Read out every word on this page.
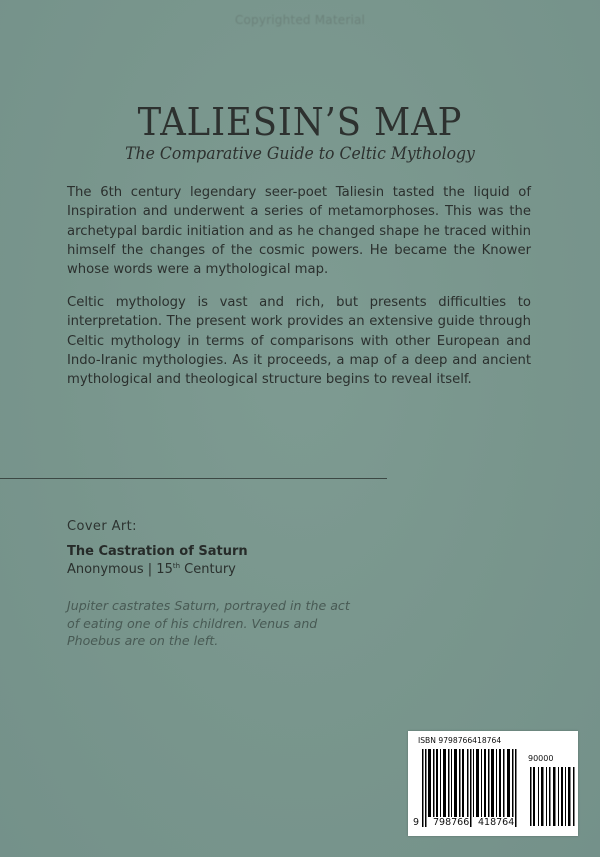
Copyrighted Material
TALIESIN’S MAP
The Comparative Guide to Celtic Mythology

The 6th century legendary seer-poet Taliesin tasted the liquid of Inspiration and underwent a series of metamorphoses. This was the archetypal bardic initiation and as he changed shape he traced within himself the changes of the cosmic powers. He became the Knower whose words were a mythological map.

Celtic mythology is vast and rich, but presents difficulties to interpretation. The present work provides an extensive guide through Celtic mythology in terms of comparisons with other European and Indo-Iranic mythologies. As it proceeds, a map of a deep and ancient mythological and theological structure begins to reveal itself.

Cover Art:
The Castration of Saturn
Anonymous | 15th Century
Jupiter castrates Saturn, portrayed in the act of eating one of his children. Venus and Phoebus are on the left.
ISBN 9798766418764
90000
9 798766 418764
